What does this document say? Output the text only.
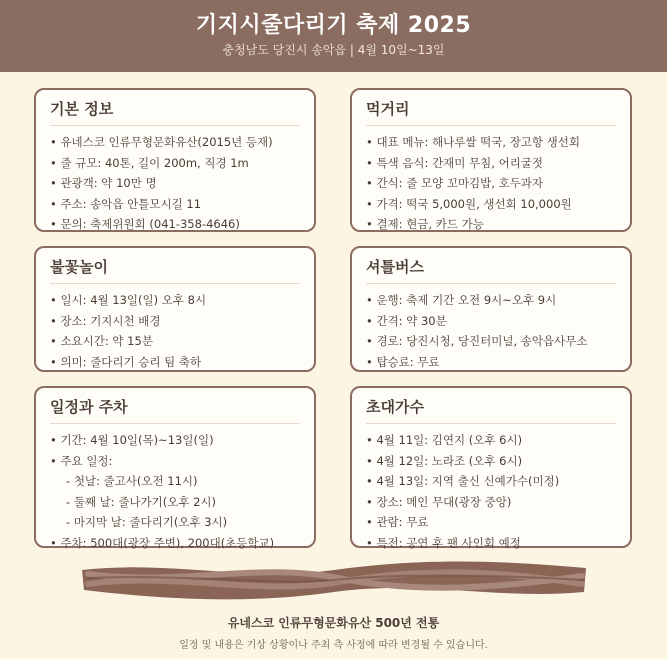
기지시줄다리기 축제 2025
충청남도 당진시 송악읍 | 4월 10일~13일
기본 정보
• 유네스코 인류무형문화유산(2015년 등재)
• 줄 규모: 40톤, 길이 200m, 직경 1m
• 관광객: 약 10만 명
• 주소: 송악읍 안틀모시길 11
• 문의: 축제위원회 (041-358-4646)
먹거리
• 대표 메뉴: 해나루쌀 떡국, 장고항 생선회
• 특색 음식: 간재미 무침, 어리굴젓
• 간식: 줄 모양 꼬마김밥, 호두과자
• 가격: 떡국 5,000원, 생선회 10,000원
• 결제: 현금, 카드 가능
불꽃놀이
• 일시: 4월 13일(일) 오후 8시
• 장소: 기지시천 배경
• 소요시간: 약 15분
• 의미: 줄다리기 승리 팀 축하
셔틀버스
• 운행: 축제 기간 오전 9시~오후 9시
• 간격: 약 30분
• 경로: 당진시청, 당진터미널, 송악읍사무소
• 탑승료: 무료
일정과 주차
• 기간: 4월 10일(목)~13일(일)
• 주요 일정:
- 첫날: 줄고사(오전 11시)
- 둘째 날: 줄나가기(오후 2시)
- 마지막 날: 줄다리기(오후 3시)
• 주차: 500대(광장 주변), 200대(초등학교)
초대가수
• 4월 11일: 김연지 (오후 6시)
• 4월 12일: 노라조 (오후 6시)
• 4월 13일: 지역 출신 신예가수(미정)
• 장소: 메인 무대(광장 중앙)
• 관람: 무료
• 특전: 공연 후 팬 사인회 예정
유네스코 인류무형문화유산 500년 전통
일정 및 내용은 기상 상황이나 주최 측 사정에 따라 변경될 수 있습니다.
